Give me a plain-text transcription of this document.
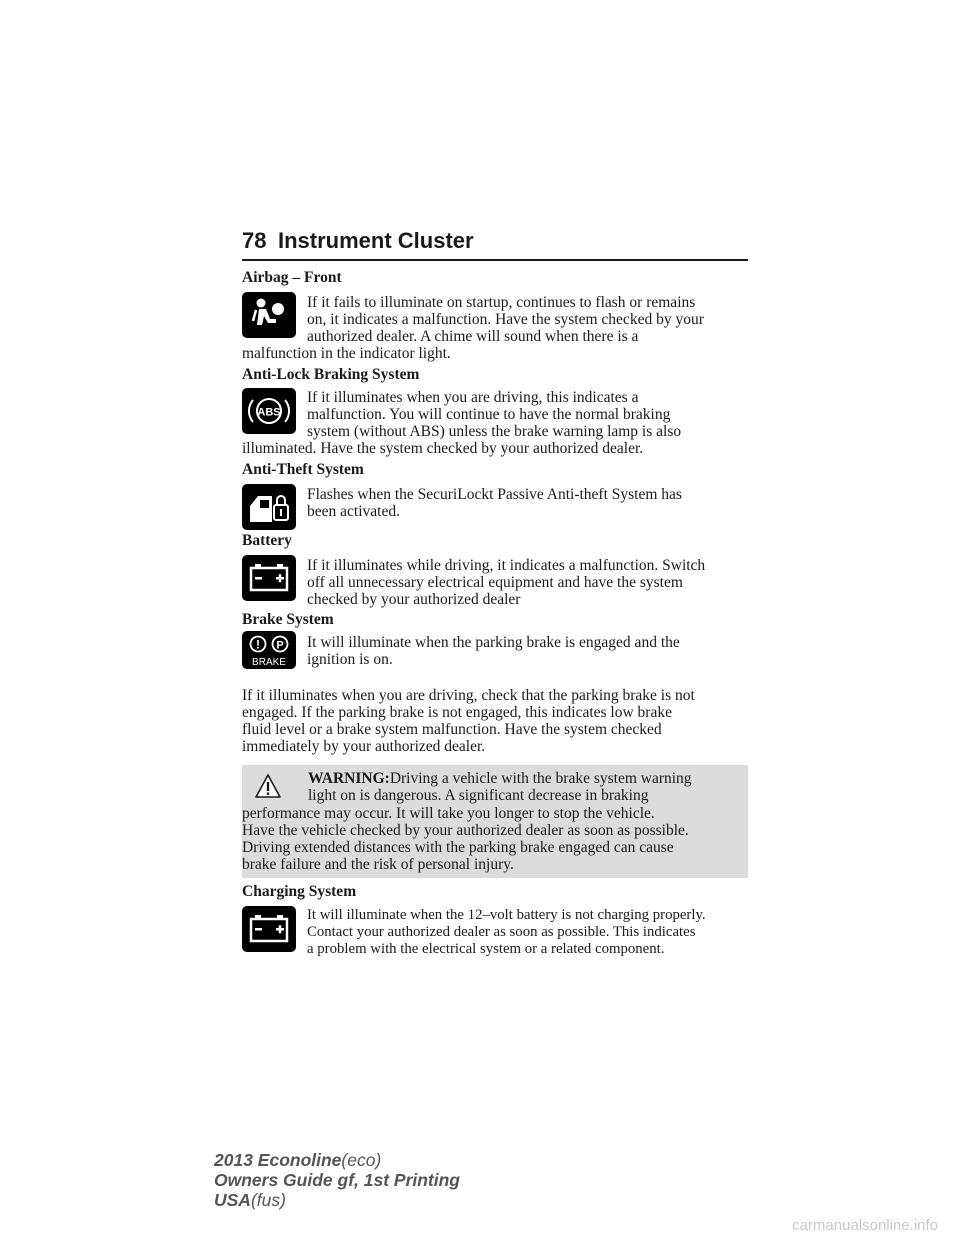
78 Instrument Cluster
Airbag – Front
If it fails to illuminate on startup, continues to flash or remains
on, it indicates a malfunction. Have the system checked by your
authorized dealer. A chime will sound when there is a
malfunction in the indicator light.
Anti-Lock Braking System
ABS
If it illuminates when you are driving, this indicates a
malfunction. You will continue to have the normal braking
system (without ABS) unless the brake warning lamp is also
illuminated. Have the system checked by your authorized dealer.
Anti-Theft System
Flashes when the SecuriLockt Passive Anti-theft System has
been activated.
Battery
If it illuminates while driving, it indicates a malfunction. Switch
off all unnecessary electrical equipment and have the system
checked by your authorized dealer
Brake System
! P
BRAKE
It will illuminate when the parking brake is engaged and the
ignition is on.
If it illuminates when you are driving, check that the parking brake is not
engaged. If the parking brake is not engaged, this indicates low brake
fluid level or a brake system malfunction. Have the system checked
immediately by your authorized dealer.
WARNING:Driving a vehicle with the brake system warning
light on is dangerous. A significant decrease in braking
performance may occur. It will take you longer to stop the vehicle.
Have the vehicle checked by your authorized dealer as soon as possible.
Driving extended distances with the parking brake engaged can cause
brake failure and the risk of personal injury.
Charging System
It will illuminate when the 12–volt battery is not charging properly.
Contact your authorized dealer as soon as possible. This indicates
a problem with the electrical system or a related component.
2013 Econoline(eco)
Owners Guide gf, 1st Printing
USA(fus)
carmanualsonline.info
